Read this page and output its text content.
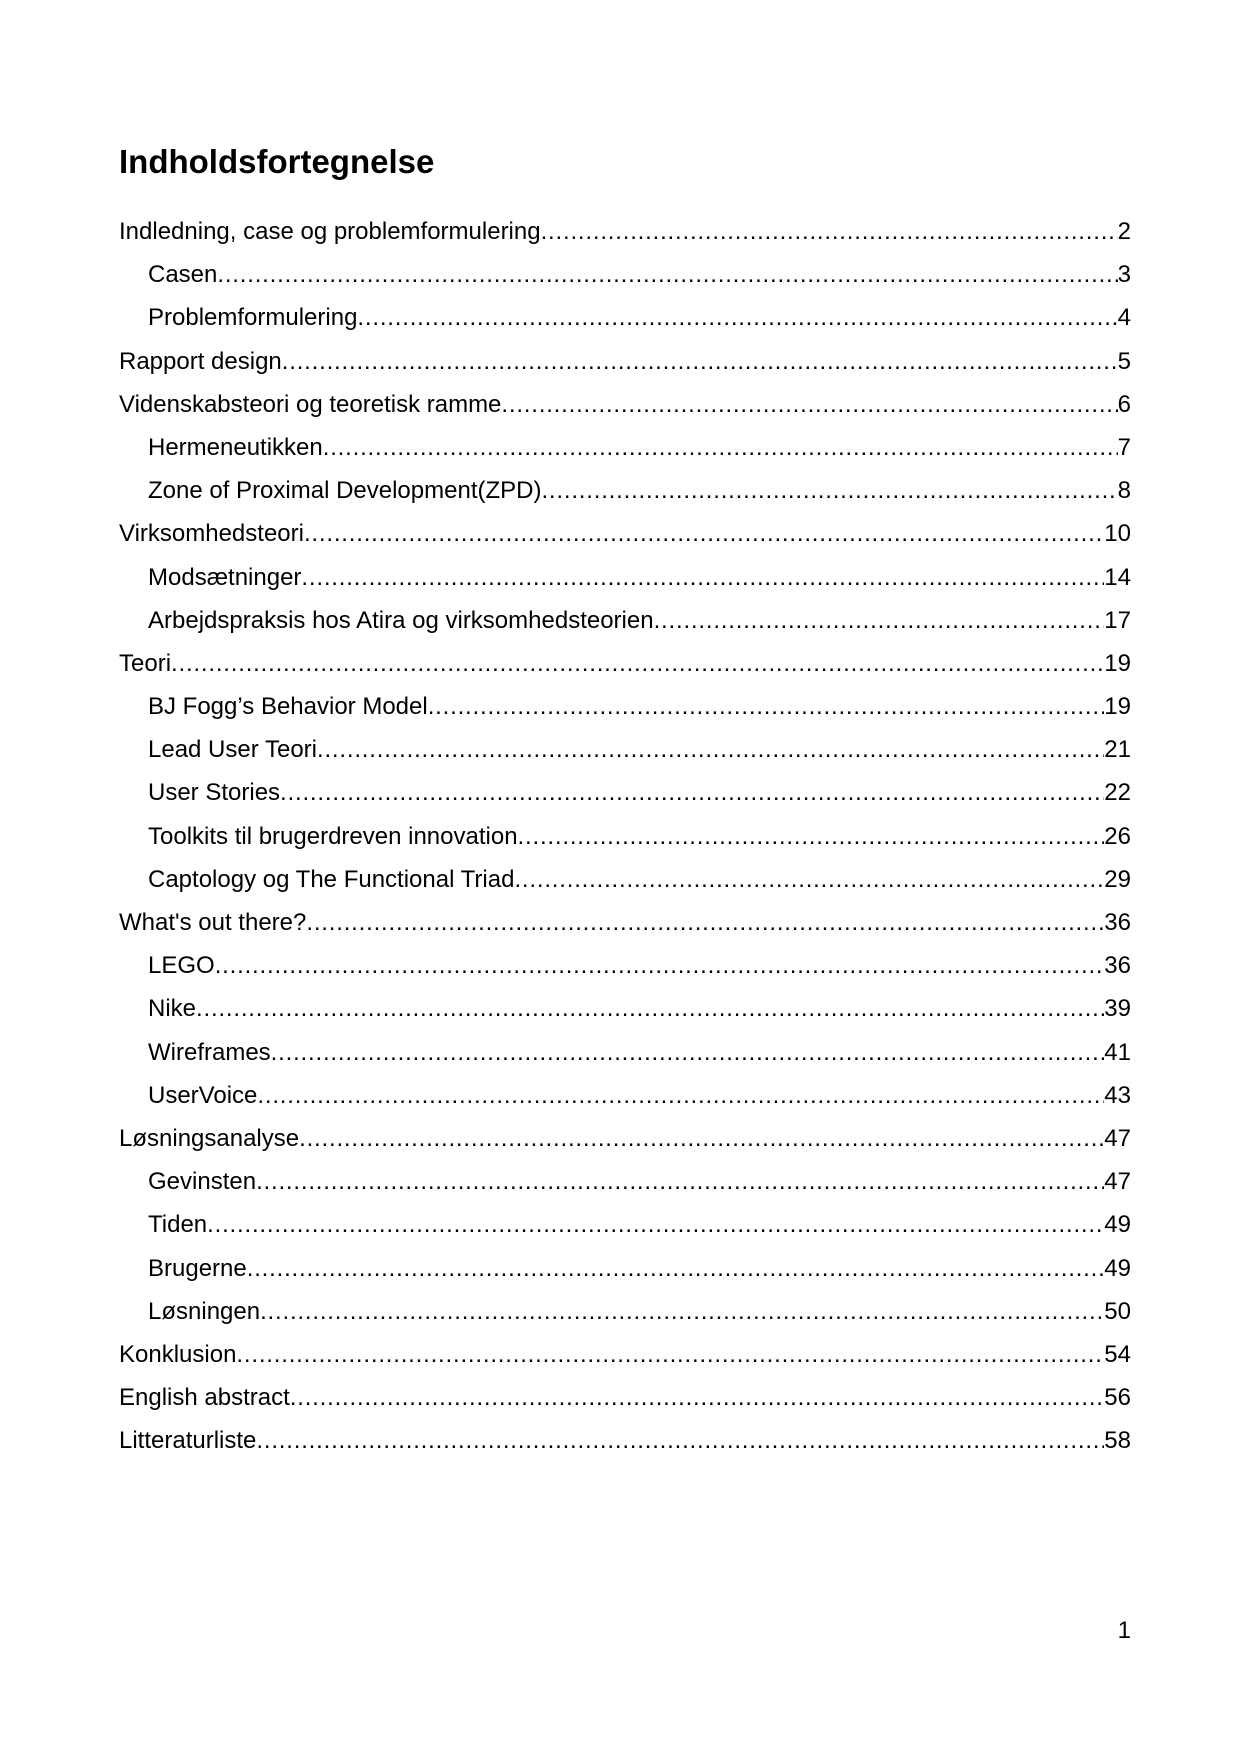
Indholdsfortegnelse
Indledning, case og problemformulering .....	2
Casen .....	3
Problemformulering .....	4
Rapport design .....	5
Videnskabsteori og teoretisk ramme .....	6
Hermeneutikken .....	7
Zone of Proximal Development(ZPD) .....	8
Virksomhedsteori .....	10
Modsætninger .....	14
Arbejdspraksis hos Atira og virksomhedsteorien .....	17
Teori .....	19
BJ Fogg’s Behavior Model .....	19
Lead User Teori .....	21
User Stories .....	22
Toolkits til brugerdreven innovation .....	26
Captology og The Functional Triad .....	29
What's out there? .....	36
LEGO .....	36
Nike .....	39
Wireframes .....	41
UserVoice .....	43
Løsningsanalyse .....	47
Gevinsten .....	47
Tiden .....	49
Brugerne .....	49
Løsningen .....	50
Konklusion .....	54
English abstract .....	56
Litteraturliste .....	58
1
